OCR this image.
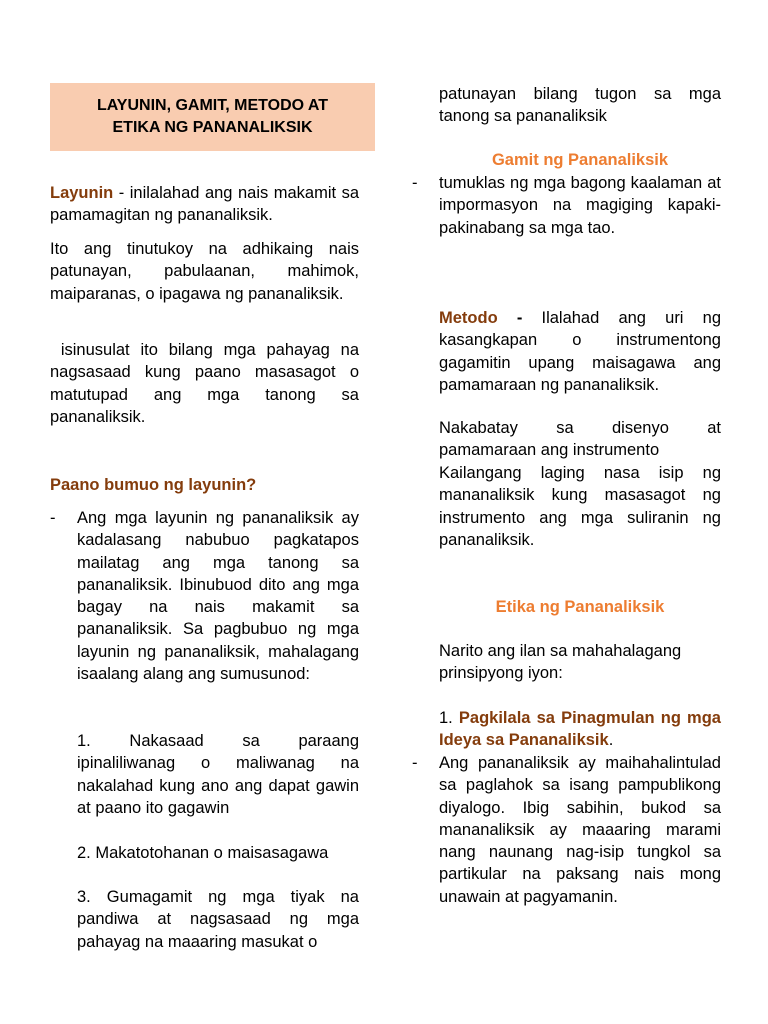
LAYUNIN, GAMIT, METODO AT
ETIKA NG PANANALIKSIK

Layunin - inilalahad ang nais makamit sa pamamagitan ng pananaliksik.

Ito ang tinutukoy na adhikaing nais patunayan, pabulaanan, mahimok, maiparanas, o ipagawa ng pananaliksik.

isinusulat ito bilang mga pahayag na nagsasaad kung paano masasagot o matutupad ang mga tanong sa pananaliksik.

Paano bumuo ng layunin?

-	Ang mga layunin ng pananaliksik ay kadalasang nabubuo pagkatapos mailatag ang mga tanong sa pananaliksik. Ibinubuod dito ang mga bagay na nais makamit sa pananaliksik. Sa pagbubuo ng mga layunin ng pananaliksik, mahalagang isaalang alang ang sumusunod:

1. Nakasaad sa paraang ipinaliliwanag o maliwanag na nakalahad kung ano ang dapat gawin at paano ito gagawin

2. Makatotohanan o maisasagawa

3. Gumagamit ng mga tiyak na pandiwa at nagsasaad ng mga pahayag na maaaring masukat o

patunayan bilang tugon sa mga tanong sa pananaliksik

Gamit ng Pananaliksik

-	tumuklas ng mga bagong kaalaman at impormasyon na magiging kapaki- pakinabang sa mga tao.

Metodo - Ilalahad ang uri ng kasangkapan o instrumentong gagamitin upang maisagawa ang pamamaraan ng pananaliksik.

Nakabatay sa disenyo at pamamaraan ang instrumento

Kailangang laging nasa isip ng mananaliksik kung masasagot ng instrumento ang mga suliranin ng pananaliksik.

Etika ng Pananaliksik

Narito ang ilan sa mahahalagang prinsipyong iyon:

1. Pagkilala sa Pinagmulan ng mga Ideya sa Pananaliksik.

-	Ang pananaliksik ay maihahalintulad sa paglahok sa isang pampublikong diyalogo. Ibig sabihin, bukod sa mananaliksik ay maaaring marami nang naunang nag-isip tungkol sa partikular na paksang nais mong unawain at pagyamanin.
